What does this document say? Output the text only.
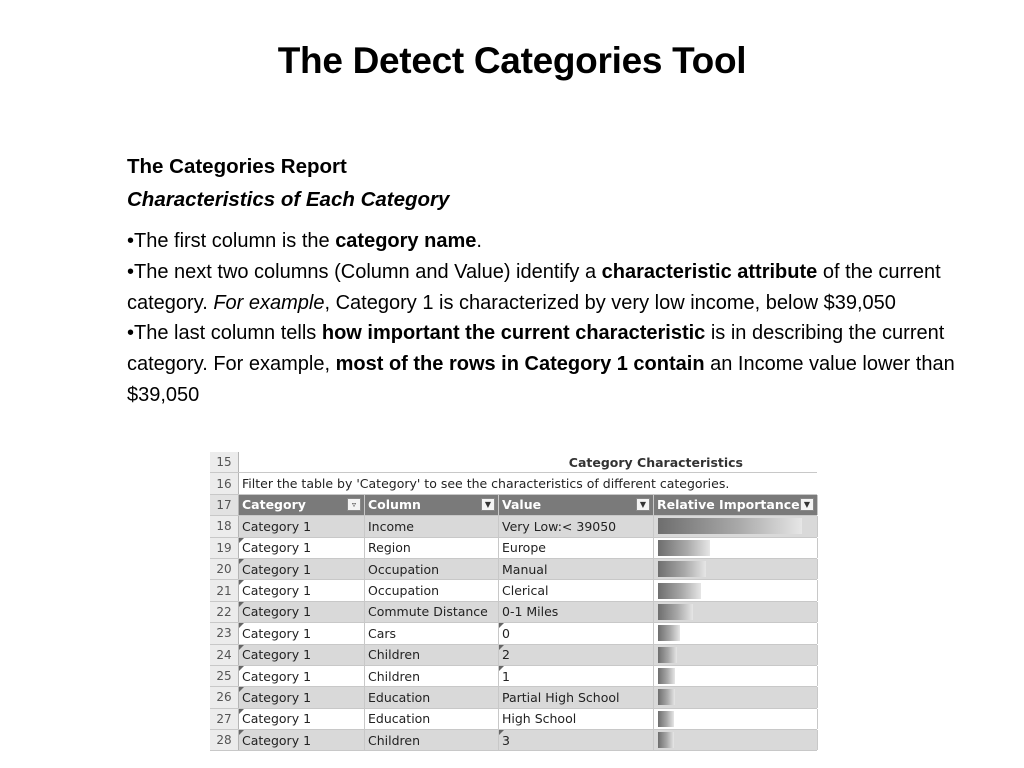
The Detect Categories Tool
The Categories Report
Characteristics of Each Category
•The first column is the category name.
•The next two columns (Column and Value) identify a characteristic attribute of the current category. For example, Category 1 is characterized by very low income, below $39,050
•The last column tells how important the current characteristic is in describing the current category. For example, most of the rows in Category 1 contain an Income value lower than $39,050
15	Category Characteristics
16 Filter the table by 'Category' to see the characteristics of different categories.
17 Category	▿ Column	▼ Value	▼ Relative Importance ▼
18 Category 1	Income	Very Low:< 39050
19 Category 1	Region	Europe
20 Category 1	Occupation	Manual
21 Category 1	Occupation	Clerical
22 Category 1	Commute Distance	0-1 Miles
23 Category 1	Cars	0
24 Category 1	Children	2
25 Category 1	Children	1
26 Category 1	Education	Partial High School
27 Category 1	Education	High School
28 Category 1	Children	3
